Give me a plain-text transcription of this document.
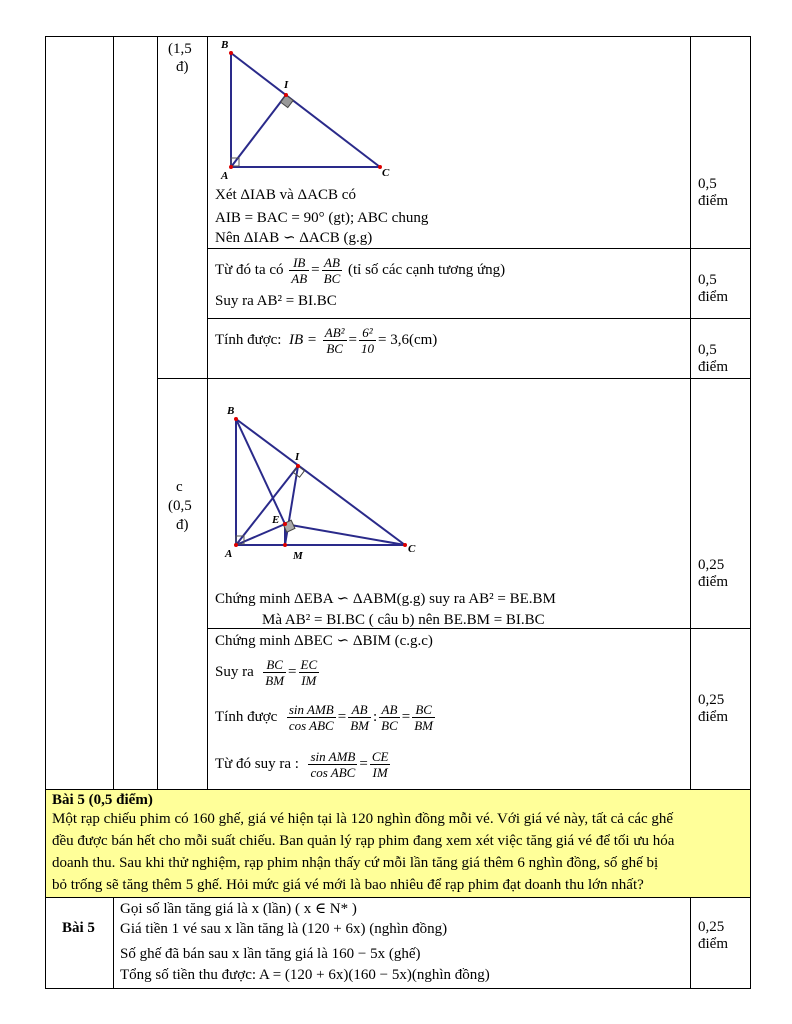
(1,5
đ)
B
I
A	C
Xét ΔIAB và ΔACB có
AIB = BAC = 90° (gt); ABC chung
Nên ΔIAB ∽ ΔACB (g.g)
0,5
điểm
Từ đó ta có $\frac{IB}{AB} = \frac{AB}{BC}$ (tỉ số các cạnh tương ứng)
Suy ra AB² = BI.BC
0,5
điểm
Tính được: IB = $\frac{\text{AB²}}{BC} = \frac{\text{6²}}{10} = 3,6(cm)$
0,5
điểm
c
(0,5
đ)
B
I
E
A	M
C
Chứng minh ΔEBA ∽ ΔABM(g.g) suy ra AB² = BE.BM
Mà AB² = BI.BC ( câu b) nên BE.BM = BI.BC
0,25
điểm
Chứng minh ΔBEC ∽ ΔBIM (c.g.c)
Suy ra $\frac{BC}{BM} = \frac{EC}{IM}$
Tính được $\frac{\text{sin AMB}}{\text{cos ABC}} = \frac{AB}{BM}$ : $\frac{AB}{BC} = \frac{BC}{BM}$
Từ đó suy ra : $\frac{\text{sin AMB}}{\text{cos ABC}} = \frac{CE}{IM}$
0,25
điểm
Bài 5 (0,5 điểm)
Một rạp chiếu phim có 160 ghế, giá vé hiện tại là 120 nghìn đồng mỗi vé. Với giá vé này, tất cả các ghế
đều được bán hết cho mỗi suất chiếu. Ban quản lý rạp phim đang xem xét việc tăng giá vé để tối ưu hóa
doanh thu. Sau khi thử nghiệm, rạp phim nhận thấy cứ mỗi lần tăng giá thêm 6 nghìn đồng, số ghế bị
bỏ trống sẽ tăng thêm 5 ghế. Hỏi mức giá vé mới là bao nhiêu để rạp phim đạt doanh thu lớn nhất?
Bài 5
Gọi số lần tăng giá là x (lần) ( x ∈ N* )
Giá tiền 1 vé sau x lần tăng là (120 + 6x) (nghìn đồng)
Số ghế đã bán sau x lần tăng giá là 160 − 5x (ghế)
Tổng số tiền thu được: A = (120 + 6x)(160 − 5x)(nghìn đồng)
0,25
điểm
